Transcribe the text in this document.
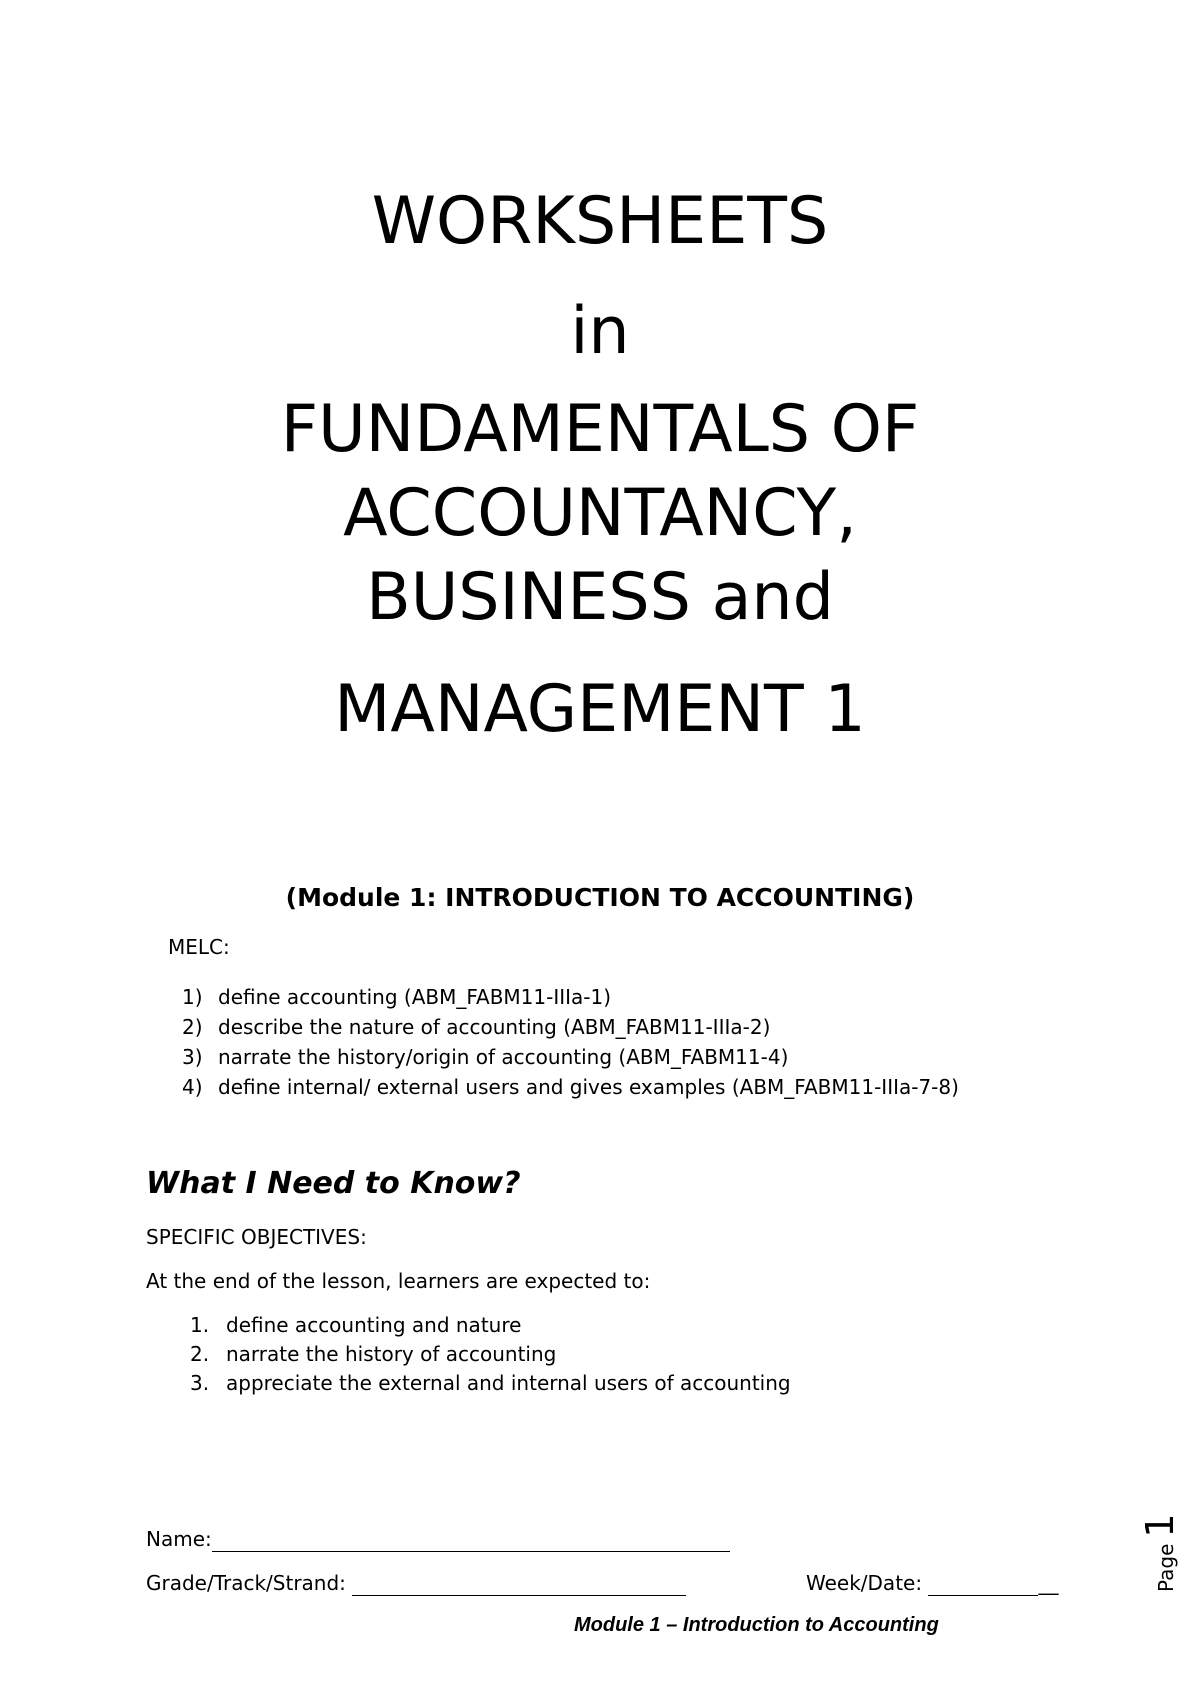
WORKSHEETS

in

FUNDAMENTALS OF

ACCOUNTANCY,

BUSINESS and

MANAGEMENT 1

(Module 1: INTRODUCTION TO ACCOUNTING)
MELC:
1) define accounting (ABM_FABM11-IIIa-1)
2) describe the nature of accounting (ABM_FABM11-IIIa-2)
3) narrate the history/origin of accounting (ABM_FABM11-4)
4) define internal/ external users and gives examples (ABM_FABM11-IIIa-7-8)
What I Need to Know?
SPECIFIC OBJECTIVES:
At the end of the lesson, learners are expected to:
1. define accounting and nature
2. narrate the history of accounting
3. appreciate the external and internal users of accounting
Name:
Grade/Track/Strand:	Week/Date:	__
Module 1 – Introduction to Accounting
Page
1
